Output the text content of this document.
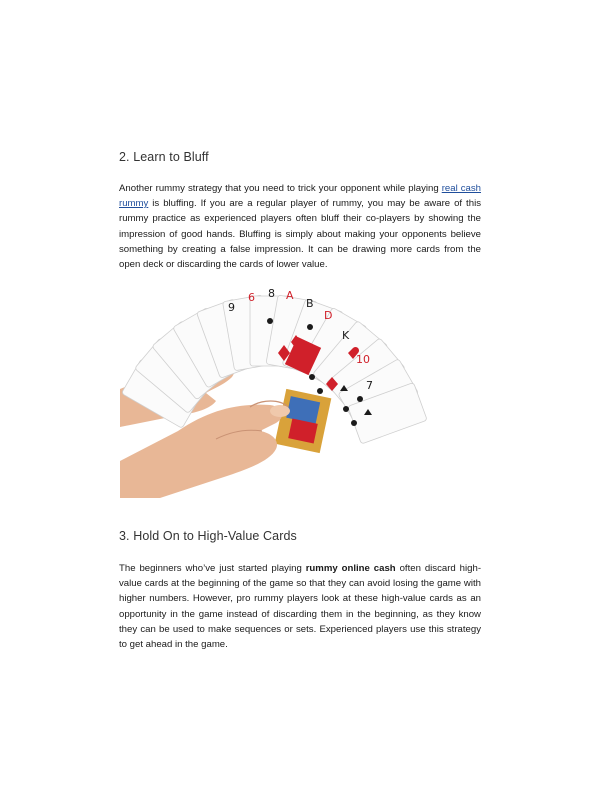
2. Learn to Bluff

Another rummy strategy that you need to trick your opponent while playing real cash rummy is bluffing. If you are a regular player of rummy, you may be aware of this rummy practice as experienced players often bluff their co-players by showing the impression of good hands. Bluffing is simply about making your opponents believe something by creating a false impression. It can be drawing more cards from the open deck or discarding the cards of lower value.

9
6 8 A
B
D
K
10
7
3. Hold On to High-Value Cards

The beginners who’ve just started playing rummy online cash often discard high-value cards at the beginning of the game so that they can avoid losing the game with higher numbers. However, pro rummy players look at these high-value cards as an opportunity in the game instead of discarding them in the beginning, as they know they can be used to make sequences or sets. Experienced players use this strategy to get ahead in the game.
